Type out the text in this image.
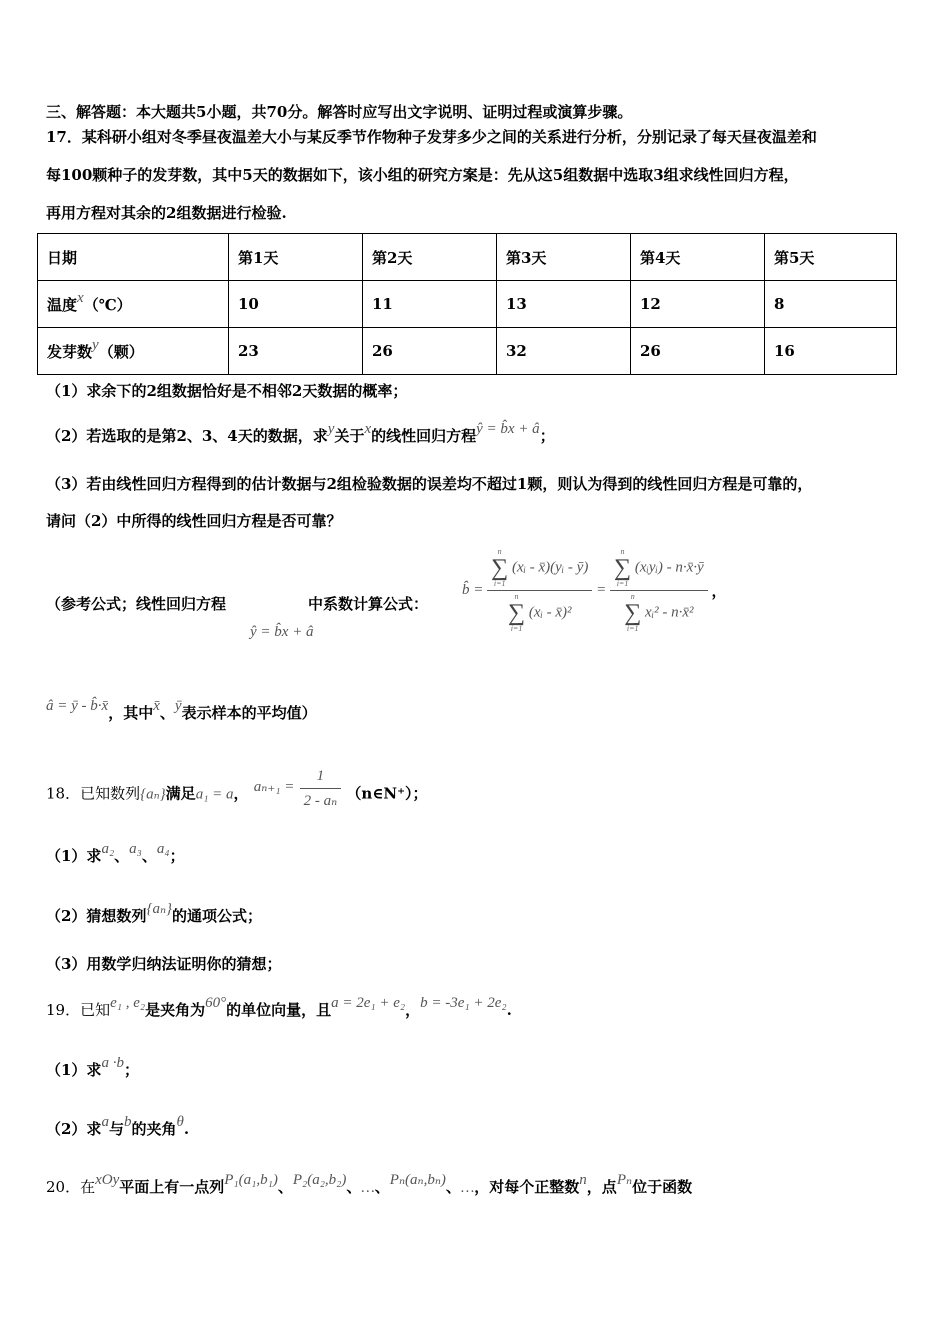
三、解答题：本大题共5小题，共70分。解答时应写出文字说明、证明过程或演算步骤。
17．某科研小组对冬季昼夜温差大小与某反季节作物种子发芽多少之间的关系进行分析，分别记录了每天昼夜温差和
每100颗种子的发芽数，其中5天的数据如下，该小组的研究方案是：先从这5组数据中选取3组求线性回归方程，
再用方程对其余的2组数据进行检验.
日期	第1天	第2天	第3天	第4天	第5天
温度x（℃）	10	11	13	12	8
发芽数y（颗）	23	26	32	26	16
（1）求余下的2组数据恰好是不相邻2天数据的概率；
（2）若选取的是第2、3、4天的数据，求y关于x的线性回归方程ŷ = b̂x + â；
（3）若由线性回归方程得到的估计数据与2组检验数据的误差均不超过1颗，则认为得到的线性回归方程是可靠的，
请问（2）中所得的线性回归方程是否可靠？
（参考公式；线性回归方程	中系数计算公式：
ŷ = b̂x + â
b̂ = n
∑
i=1
(xᵢ - x̄)(yᵢ - ȳ)
n
∑
i=1
(xᵢ - x̄)² = n
∑
i=1
(xᵢyᵢ) - n·x̄·ȳ
n
∑
i=1
xᵢ² - n·x̄² ，
â = ȳ - b̂·x̄，其中x̄、ȳ表示样本的平均值）
18．已知数列{aₙ}满足a₁ = a， $a_{n+1} = \frac{1}{\text{2 - aₙ}}$ （n∈N⁺）；
（1）求a₂、a₃、a₄；
（2）猜想数列{aₙ}的通项公式；
（3）用数学归纳法证明你的猜想；
19．已知e₁ , e₂是夹角为60°的单位向量，且a = 2e₁ + e₂，b = -3e₁ + 2e₂.
（1）求a ·b；
（2）求a与b的夹角θ.
20．在xOy平面上有一点列P₁(a₁,b₁)、P₂(a₂,b₂)、…、Pₙ(aₙ,bₙ)、…，对每个正整数n，点Pₙ位于函数
